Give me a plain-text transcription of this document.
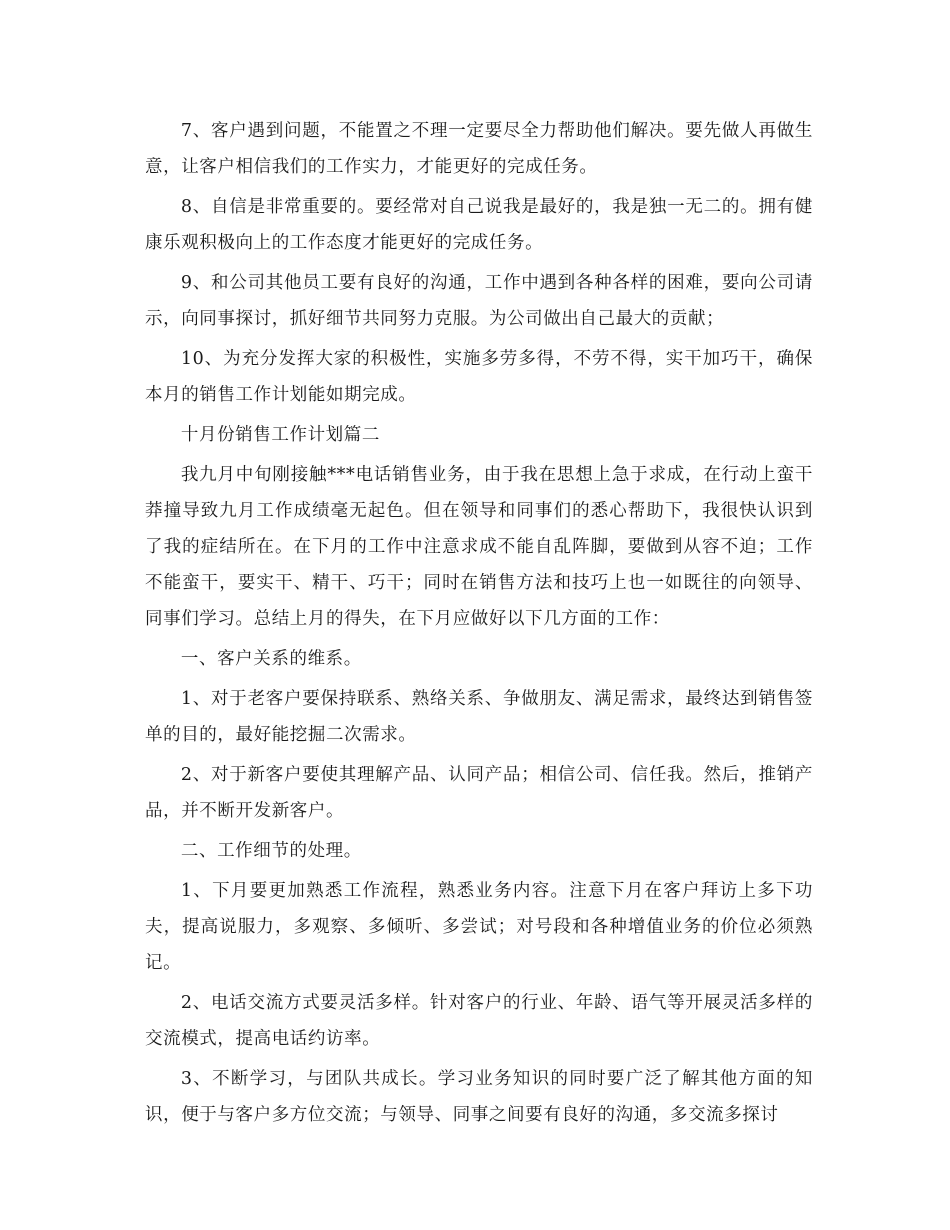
7、客户遇到问题，不能置之不理一定要尽全力帮助他们解决。要先做人再做生意，让客户相信我们的工作实力，才能更好的完成任务。

8、自信是非常重要的。要经常对自己说我是最好的，我是独一无二的。拥有健康乐观积极向上的工作态度才能更好的完成任务。

9、和公司其他员工要有良好的沟通，工作中遇到各种各样的困难，要向公司请示，向同事探讨，抓好细节共同努力克服。为公司做出自己最大的贡献；

10、为充分发挥大家的积极性，实施多劳多得，不劳不得，实干加巧干，确保本月的销售工作计划能如期完成。

十月份销售工作计划篇二

我九月中旬刚接触***电话销售业务，由于我在思想上急于求成，在行动上蛮干莽撞导致九月工作成绩毫无起色。但在领导和同事们的悉心帮助下，我很快认识到了我的症结所在。在下月的工作中注意求成不能自乱阵脚，要做到从容不迫；工作不能蛮干，要实干、精干、巧干；同时在销售方法和技巧上也一如既往的向领导、同事们学习。总结上月的得失，在下月应做好以下几方面的工作：

一、客户关系的维系。

1、对于老客户要保持联系、熟络关系、争做朋友、满足需求，最终达到销售签单的目的，最好能挖掘二次需求。

2、对于新客户要使其理解产品、认同产品；相信公司、信任我。然后，推销产品，并不断开发新客户。

二、工作细节的处理。

1、下月要更加熟悉工作流程，熟悉业务内容。注意下月在客户拜访上多下功夫，提高说服力，多观察、多倾听、多尝试；对号段和各种增值业务的价位必须熟记。

2、电话交流方式要灵活多样。针对客户的行业、年龄、语气等开展灵活多样的交流模式，提高电话约访率。

3、不断学习，与团队共成长。学习业务知识的同时要广泛了解其他方面的知识，便于与客户多方位交流；与领导、同事之间要有良好的沟通，多交流多探讨
